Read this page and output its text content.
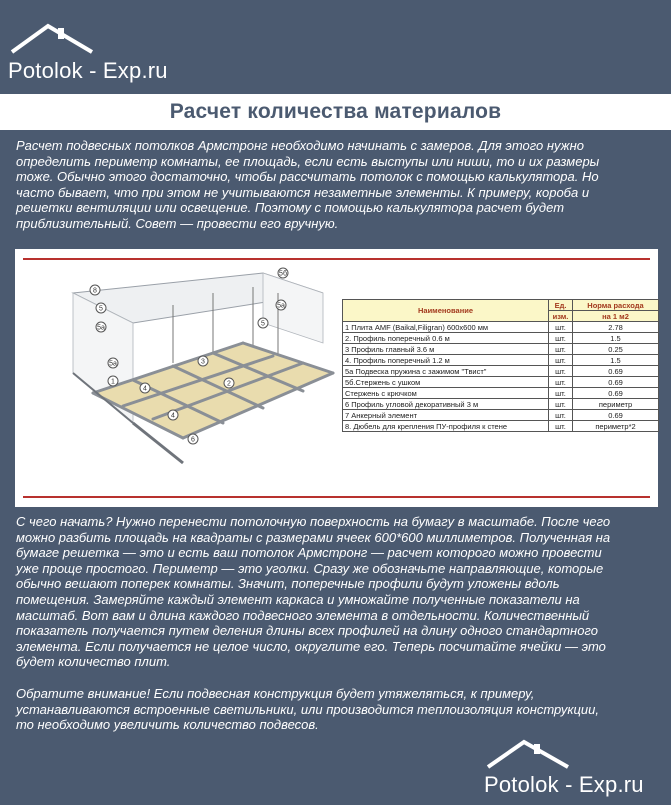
Potolok - Exp.ru
Расчет количества материалов

Расчет подвесных потолков Армстронг необходимо начинать с замеров. Для этого нужно
определить периметр комнаты, ее площадь, если есть выступы или ниши, то и их размеры
тоже. Обычно этого достаточно, чтобы рассчитать потолок с помощью калькулятора. Но
часто бывает, что при этом не учитываются незаметные элементы. К примеру, короба и
решетки вентиляции или освещение. Поэтому с помощью калькулятора расчет будет
приблизительный. Совет — провести его вручную.

5б
8
5
5а
5а
5
5а
1
4
3
2
4
6
Наименование	Ед.	Норма расхода
	изм.	на 1 м2
1 Плита AMF (Baikal,Filigran) 600x600 мм	шт.	2.78
2. Профиль поперечный 0.6 м	шт.	1.5
3 Профиль главный 3.6 м	шт.	0.25
4. Профиль поперечный 1.2 м	шт.	1.5
5а Подвеска пружина с зажимом "Твист"	шт.	0.69
5б.Стержень с ушком	шт.	0.69
Стержень с крючком	шт.	0.69
6 Профиль угловой декоративный 3 м	шт.	периметр
7 Анкерный элемент	шт.	0.69
8. Дюбель для крепления ПУ-профиля к стене	шт.	периметр*2

С чего начать? Нужно перенести потолочную поверхность на бумагу в масштабе. После чего
можно разбить площадь на квадраты с размерами ячеек 600*600 миллиметров. Полученная на
бумаге решетка — это и есть ваш потолок Армстронг — расчет которого можно провести
уже проще простого. Периметр — это уголки. Сразу же обозначьте направляющие, которые
обычно вешают поперек комнаты. Значит, поперечные профили будут уложены вдоль
помещения. Замеряйте каждый элемент каркаса и умножайте полученные показатели на
масштаб. Вот вам и длина каждого подвесного элемента в отдельности. Количественный
показатель получается путем деления длины всех профилей на длину одного стандартного
элемента. Если получается не целое число, округлите его. Теперь посчитайте ячейки — это
будет количество плит.

Обратите внимание! Если подвесная конструкция будет утяжеляться, к примеру,
устанавливаются встроенные светильники, или производится теплоизоляция конструкции,
то необходимо увеличить количество подвесов.

Potolok - Exp.ru
